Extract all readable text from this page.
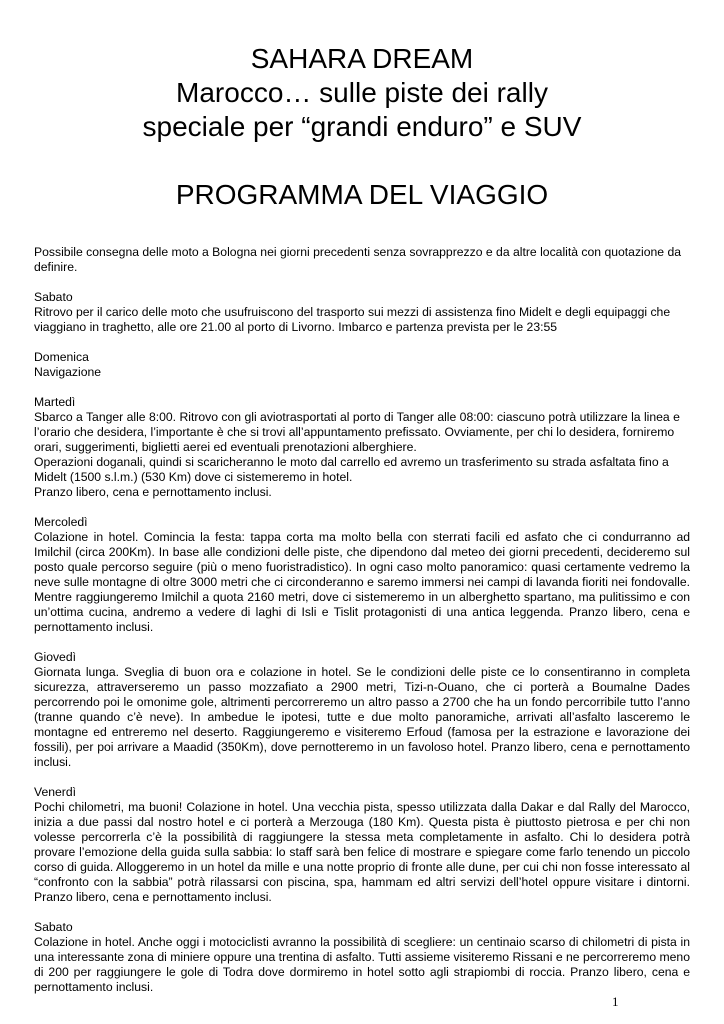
SAHARA DREAM
Marocco… sulle piste dei rally
speciale per “grandi enduro” e SUV
PROGRAMMA DEL VIAGGIO

Possibile consegna delle moto a Bologna nei giorni precedenti senza sovrapprezzo e da altre località con quotazione da definire.

Sabato
Ritrovo per il carico delle moto che usufruiscono del trasporto sui mezzi di assistenza fino Midelt e degli equipaggi che viaggiano in traghetto, alle ore 21.00 al porto di Livorno. Imbarco e partenza prevista per le 23:55
Domenica
Navigazione
Martedì
Sbarco a Tanger alle 8:00. Ritrovo con gli aviotrasportati al porto di Tanger alle 08:00: ciascuno potrà utilizzare la linea e l’orario che desidera, l’importante è che si trovi all’appuntamento prefissato. Ovviamente, per chi lo desidera, forniremo orari, suggerimenti, biglietti aerei ed eventuali prenotazioni alberghiere.
Operazioni doganali, quindi si scaricheranno le moto dal carrello ed avremo un trasferimento su strada asfaltata fino a Midelt (1500 s.l.m.) (530 Km) dove ci sistemeremo in hotel.
Pranzo libero, cena e pernottamento inclusi.
Mercoledì
Colazione in hotel. Comincia la festa: tappa corta ma molto bella con sterrati facili ed asfato che ci condurranno ad Imilchil (circa 200Km). In base alle condizioni delle piste, che dipendono dal meteo dei giorni precedenti, decideremo sul posto quale percorso seguire (più o meno fuoristradistico). In ogni caso molto panoramico: quasi certamente vedremo la neve sulle montagne di oltre 3000 metri che ci circonderanno e saremo immersi nei campi di lavanda fioriti nei fondovalle. Mentre raggiungeremo Imilchil a quota 2160 metri, dove ci sistemeremo in un alberghetto spartano, ma pulitissimo e con un’ottima cucina, andremo a vedere di laghi di Isli e Tislit protagonisti di una antica leggenda. Pranzo libero, cena e pernottamento inclusi.
Giovedì
Giornata lunga. Sveglia di buon ora e colazione in hotel. Se le condizioni delle piste ce lo consentiranno in completa sicurezza, attraverseremo un passo mozzafiato a 2900 metri, Tizi-n-Ouano, che ci porterà a Boumalne Dades percorrendo poi le omonime gole, altrimenti percorreremo un altro passo a 2700 che ha un fondo percorribile tutto l’anno (tranne quando c’è neve). In ambedue le ipotesi, tutte e due molto panoramiche, arrivati all’asfalto lasceremo le montagne ed entreremo nel deserto. Raggiungeremo e visiteremo Erfoud (famosa per la estrazione e lavorazione dei fossili), per poi arrivare a Maadid (350Km), dove pernotteremo in un favoloso hotel. Pranzo libero, cena e pernottamento inclusi.
Venerdì
Pochi chilometri, ma buoni! Colazione in hotel. Una vecchia pista, spesso utilizzata dalla Dakar e dal Rally del Marocco, inizia a due passi dal nostro hotel e ci porterà a Merzouga (180 Km). Questa pista è piuttosto pietrosa e per chi non volesse percorrerla c’è la possibilità di raggiungere la stessa meta completamente in asfalto. Chi lo desidera potrà provare l’emozione della guida sulla sabbia: lo staff sarà ben felice di mostrare e spiegare come farlo tenendo un piccolo corso di guida. Alloggeremo in un hotel da mille e una notte proprio di fronte alle dune, per cui chi non fosse interessato al “confronto con la sabbia” potrà rilassarsi con piscina, spa, hammam ed altri servizi dell’hotel oppure visitare i dintorni. Pranzo libero, cena e pernottamento inclusi.
Sabato
Colazione in hotel. Anche oggi i motociclisti avranno la possibilità di scegliere: un centinaio scarso di chilometri di pista in una interessante zona di miniere oppure una trentina di asfalto. Tutti assieme visiteremo Rissani e ne percorreremo meno di 200 per raggiungere le gole di Todra dove dormiremo in hotel sotto agli strapiombi di roccia. Pranzo libero, cena e pernottamento inclusi.
1
